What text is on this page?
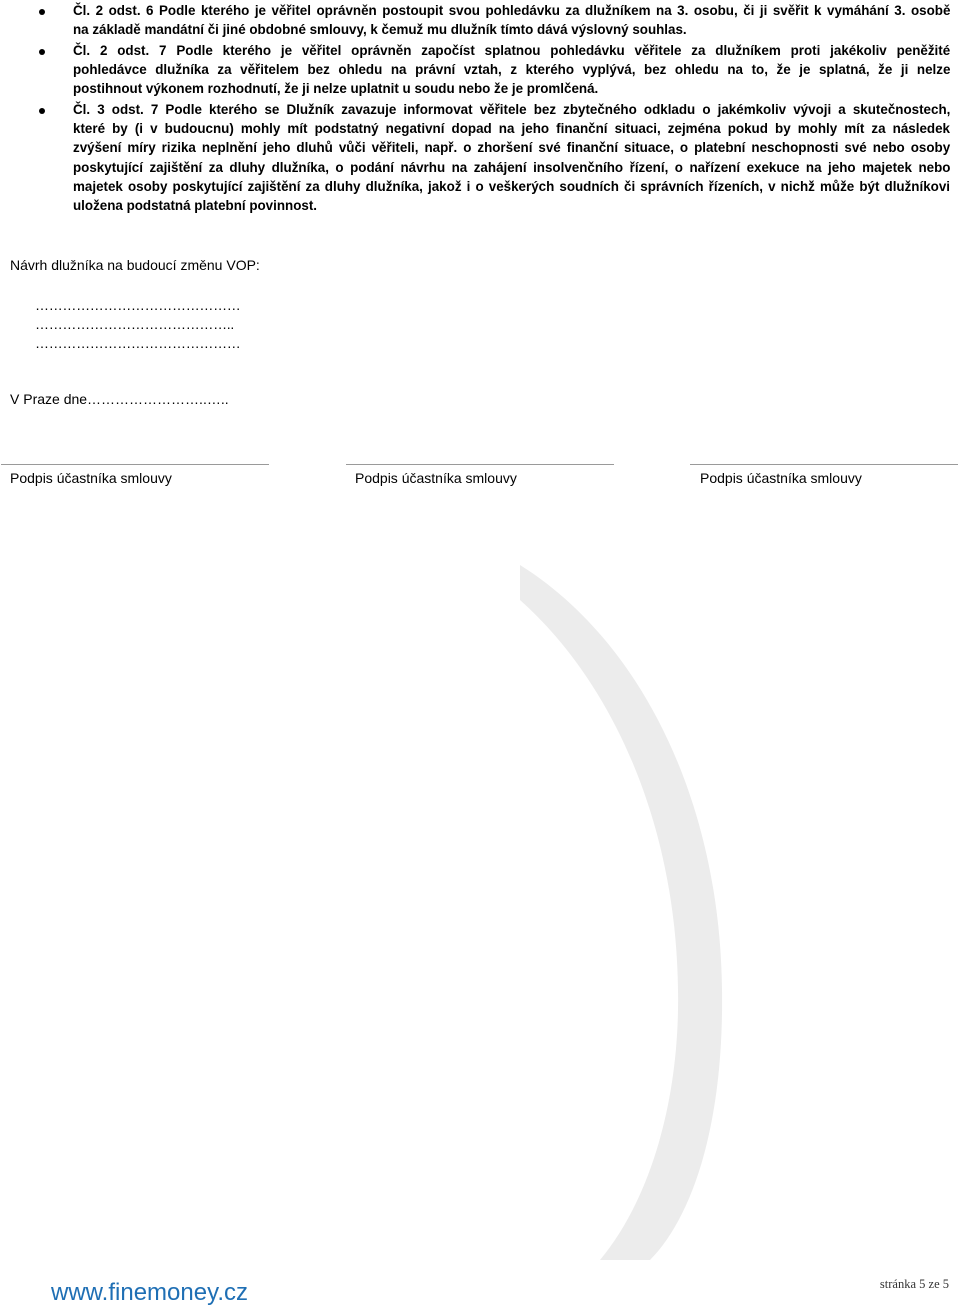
Čl. 2 odst. 6 Podle kterého je věřitel oprávněn postoupit svou pohledávku za dlužníkem na 3. osobu, či ji svěřit k vymáhání 3. osobě
na základě mandátní či jiné obdobné smlouvy, k čemuž mu dlužník tímto dává výslovný souhlas.
Čl. 2 odst. 7 Podle kterého je věřitel oprávněn započíst splatnou pohledávku věřitele za dlužníkem proti jakékoliv peněžité
pohledávce dlužníka za věřitelem bez ohledu na právní vztah, z kterého vyplývá, bez ohledu na to, že je splatná, že ji nelze
postihnout výkonem rozhodnutí, že ji nelze uplatnit u soudu nebo že je promlčená.
Čl. 3 odst. 7 Podle kterého se Dlužník zavazuje informovat věřitele bez zbytečného odkladu o jakémkoliv vývoji a skutečnostech,
které by (i v budoucnu) mohly mít podstatný negativní dopad na jeho finanční situaci, zejména pokud by mohly mít za následek
zvýšení míry rizika neplnění jeho dluhů vůči věřiteli, např. o zhoršení své finanční situace, o platební neschopnosti své nebo osoby
poskytující zajištění za dluhy dlužníka, o podání návrhu na zahájení insolvenčního řízení, o nařízení exekuce na jeho majetek nebo
majetek osoby poskytující zajištění za dluhy dlužníka, jakož i o veškerých soudních či správních řízeních, v nichž může být dlužníkovi
uložena podstatná platební povinnost.
Návrh dlužníka na budoucí změnu VOP:
………………………………………
……………………………………..
………………………………………
V Praze dne……………………..…..
Podpis účastníka smlouvy	Podpis účastníka smlouvy	Podpis účastníka smlouvy
www.finemoney.cz	stránka 5 ze 5
